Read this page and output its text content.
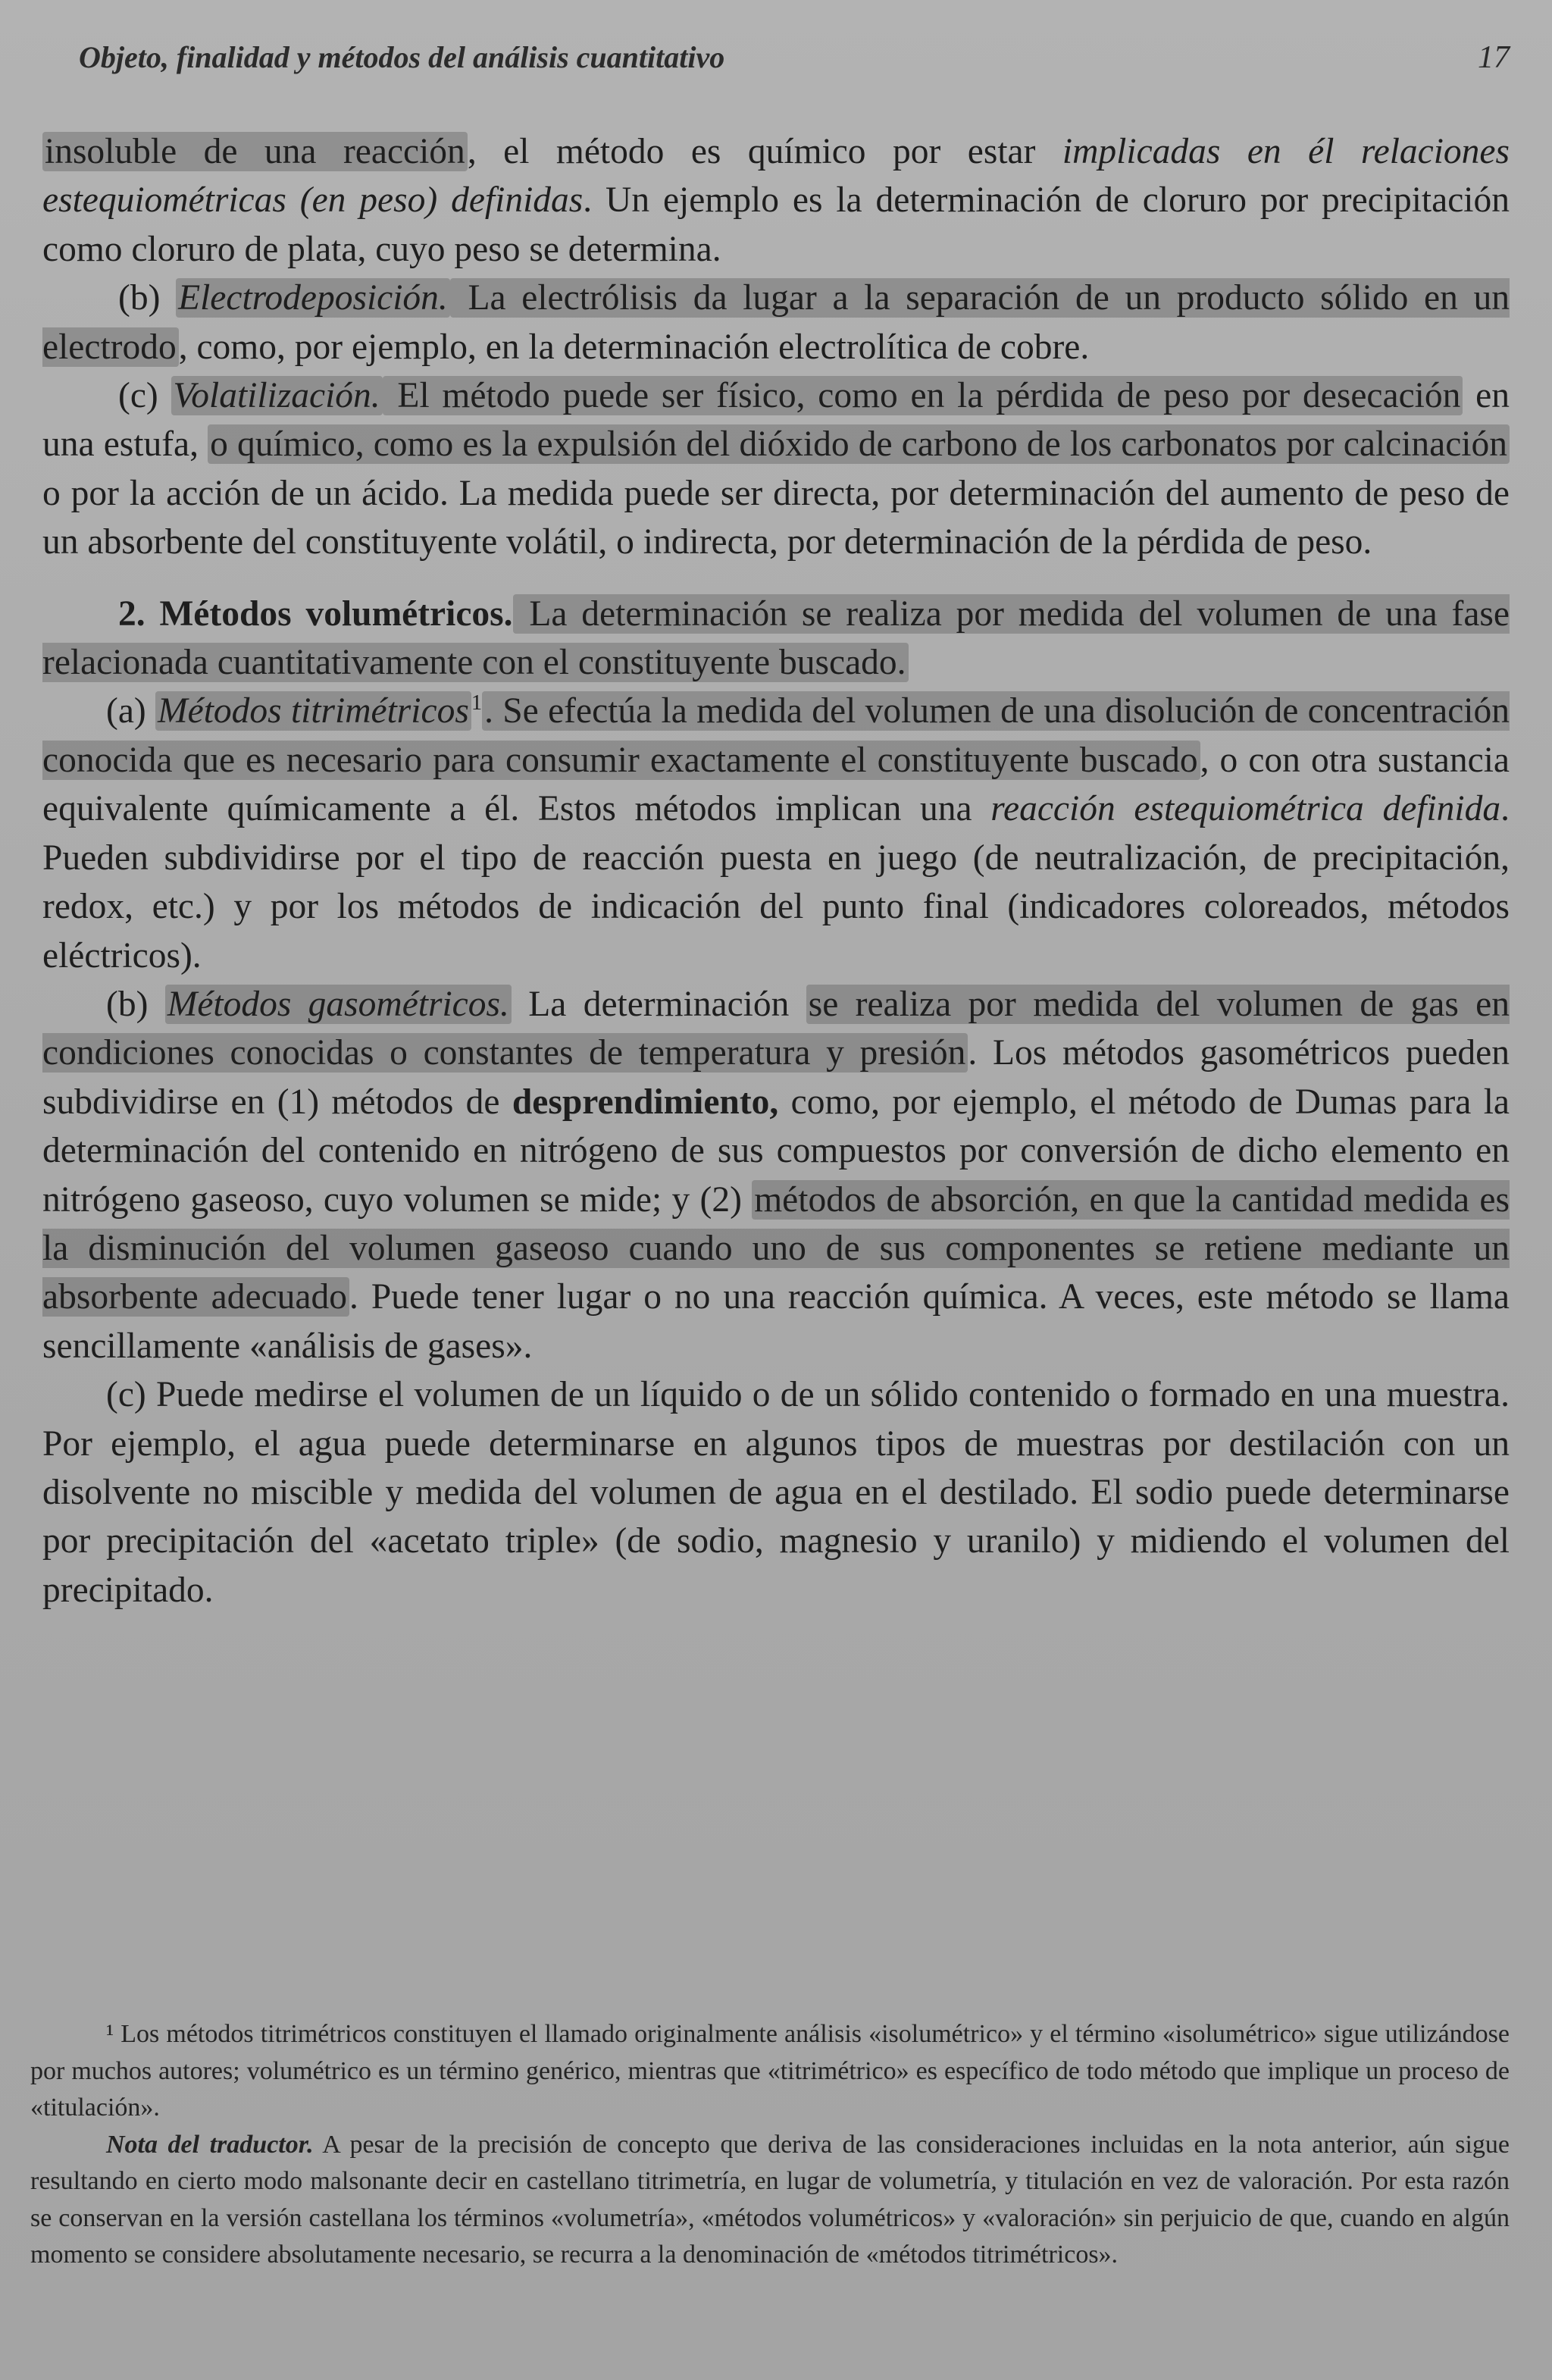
Objeto, finalidad y métodos del análisis cuantitativo	17

insoluble de una reacción, el método es químico por estar implicadas en él relaciones estequiométricas (en peso) definidas. Un ejemplo es la determinación de cloruro por precipitación como cloruro de plata, cuyo peso se determina.

(b) Electrodeposición. La electrólisis da lugar a la separación de un producto sólido en un electrodo, como, por ejemplo, en la determinación electrolítica de cobre.

(c) Volatilización. El método puede ser físico, como en la pérdida de peso por desecación en una estufa, o químico, como es la expulsión del dióxido de carbono de los carbonatos por calcinación o por la acción de un ácido. La medida puede ser directa, por determinación del aumento de peso de un absorbente del constituyente volátil, o indirecta, por determinación de la pérdida de peso.

2. Métodos volumétricos. La determinación se realiza por medida del volumen de una fase relacionada cuantitativamente con el constituyente buscado.

(a) Métodos titrimétricos $^1$. Se efectúa la medida del volumen de una disolución de concentración conocida que es necesario para consumir exactamente el constituyente buscado, o con otra sustancia equivalente químicamente a él. Estos métodos implican una reacción estequiométrica definida. Pueden subdividirse por el tipo de reacción puesta en juego (de neutralización, de precipitación, redox, etc.) y por los métodos de indicación del punto final (indicadores coloreados, métodos eléctricos).

(b) Métodos gasométricos. La determinación se realiza por medida del volumen de gas en condiciones conocidas o constantes de temperatura y presión. Los métodos gasométricos pueden subdividirse en (1) métodos de desprendimiento, como, por ejemplo, el método de Dumas para la determinación del contenido en nitrógeno de sus compuestos por conversión de dicho elemento en nitrógeno gaseoso, cuyo volumen se mide; y (2) métodos de absorción, en que la cantidad medida es la disminución del volumen gaseoso cuando uno de sus componentes se retiene mediante un absorbente adecuado. Puede tener lugar o no una reacción química. A veces, este método se llama sencillamente «análisis de gases».

(c) Puede medirse el volumen de un líquido o de un sólido contenido o formado en una muestra. Por ejemplo, el agua puede determinarse en algunos tipos de muestras por destilación con un disolvente no miscible y medida del volumen de agua en el destilado. El sodio puede determinarse por precipitación del «acetato triple» (de sodio, magnesio y uranilo) y midiendo el volumen del precipitado.

¹ Los métodos titrimétricos constituyen el llamado originalmente análisis «isolumétrico» y el término «isolumétrico» sigue utilizándose por muchos autores; volumétrico es un término genérico, mientras que «titrimétrico» es específico de todo método que implique un proceso de «titulación».

Nota del traductor. A pesar de la precisión de concepto que deriva de las consideraciones incluidas en la nota anterior, aún sigue resultando en cierto modo malsonante decir en castellano titrimetría, en lugar de volumetría, y titulación en vez de valoración. Por esta razón se conservan en la versión castellana los términos «volumetría», «métodos volumétricos» y «valoración» sin perjuicio de que, cuando en algún momento se considere absolutamente necesario, se recurra a la denominación de «métodos titrimétricos».
